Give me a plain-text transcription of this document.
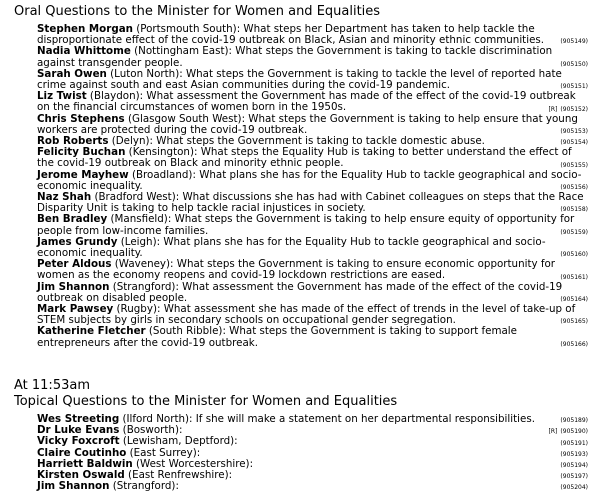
Oral Questions to the Minister for Women and Equalities
Stephen Morgan (Portsmouth South): What steps her Department has taken to help tackle the disproportionate effect of the covid-19 outbreak on Black, Asian and minority ethnic communities.	(905149)
Nadia Whittome (Nottingham East): What steps the Government is taking to tackle discrimination against transgender people.	(905150)
Sarah Owen (Luton North): What steps the Government is taking to tackle the level of reported hate crime against south and east Asian communities during the covid-19 pandemic.	(905151)
Liz Twist (Blaydon): What assessment the Government has made of the effect of the covid-19 outbreak on the financial circumstances of women born in the 1950s.	[R] (905152)
Chris Stephens (Glasgow South West): What steps the Government is taking to help ensure that young workers are protected during the covid-19 outbreak.	(905153)
Rob Roberts (Delyn): What steps the Government is taking to tackle domestic abuse.	(905154)
Felicity Buchan (Kensington): What steps the Equality Hub is taking to better understand the effect of the covid-19 outbreak on Black and minority ethnic people.	(905155)
Jerome Mayhew (Broadland): What plans she has for the Equality Hub to tackle geographical and socio-economic inequality.	(905156)
Naz Shah (Bradford West): What discussions she has had with Cabinet colleagues on steps that the Race Disparity Unit is taking to help tackle racial injustices in society.	(905158)
Ben Bradley (Mansfield): What steps the Government is taking to help ensure equity of opportunity for people from low-income families.	(905159)
James Grundy (Leigh): What plans she has for the Equality Hub to tackle geographical and socio-economic inequality.	(905160)
Peter Aldous (Waveney): What steps the Government is taking to ensure economic opportunity for women as the economy reopens and covid-19 lockdown restrictions are eased.	(905161)
Jim Shannon (Strangford): What assessment the Government has made of the effect of the covid-19 outbreak on disabled people.	(905164)
Mark Pawsey (Rugby): What assessment she has made of the effect of trends in the level of take-up of STEM subjects by girls in secondary schools on occupational gender segregation.	(905165)
Katherine Fletcher (South Ribble): What steps the Government is taking to support female entrepreneurs after the covid-19 outbreak.	(905166)
At 11:53am
Topical Questions to the Minister for Women and Equalities
Wes Streeting (Ilford North): If she will make a statement on her departmental responsibilities.	(905189)
Dr Luke Evans (Bosworth):	[R] (905190)
Vicky Foxcroft (Lewisham, Deptford):	(905191)
Claire Coutinho (East Surrey):	(905193)
Harriett Baldwin (West Worcestershire):	(905194)
Kirsten Oswald (East Renfrewshire):	(905197)
Jim Shannon (Strangford):	(905204)
